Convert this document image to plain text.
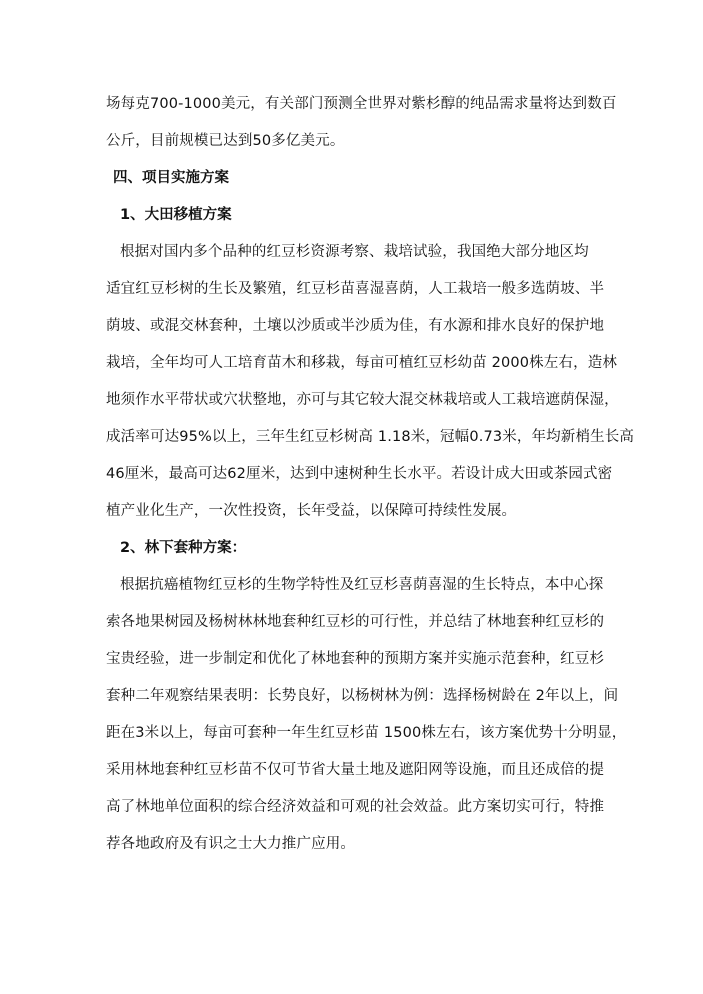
场每克700-1000美元，有关部门预测全世界对紫杉醇的纯品需求量将达到数百
公斤，目前规模已达到50多亿美元。
四、项目实施方案
1、大田移植方案
根据对国内多个品种的红豆杉资源考察、栽培试验，我国绝大部分地区均
适宜红豆杉树的生长及繁殖，红豆杉苗喜湿喜荫，人工栽培一般多选荫坡、半
荫坡、或混交林套种，土壤以沙质或半沙质为佳，有水源和排水良好的保护地
栽培，全年均可人工培育苗木和移栽，每亩可植红豆杉幼苗 2000株左右，造林
地须作水平带状或穴状整地，亦可与其它较大混交林栽培或人工栽培遮荫保湿，
成活率可达95%以上，三年生红豆杉树高 1.18米，冠幅0.73米，年均新梢生长高
46厘米，最高可达62厘米，达到中速树种生长水平。若设计成大田或茶园式密
植产业化生产，一次性投资，长年受益，以保障可持续性发展。
2、林下套种方案：
根据抗癌植物红豆杉的生物学特性及红豆杉喜荫喜湿的生长特点，本中心探
索各地果树园及杨树林林地套种红豆杉的可行性，并总结了林地套种红豆杉的
宝贵经验，进一步制定和优化了林地套种的预期方案并实施示范套种，红豆杉
套种二年观察结果表明：长势良好，以杨树林为例：选择杨树龄在 2年以上，间
距在3米以上，每亩可套种一年生红豆杉苗 1500株左右，该方案优势十分明显，
采用林地套种红豆杉苗不仅可节省大量土地及遮阳网等设施，而且还成倍的提
高了林地单位面积的综合经济效益和可观的社会效益。此方案切实可行，特推
荐各地政府及有识之士大力推广应用。
